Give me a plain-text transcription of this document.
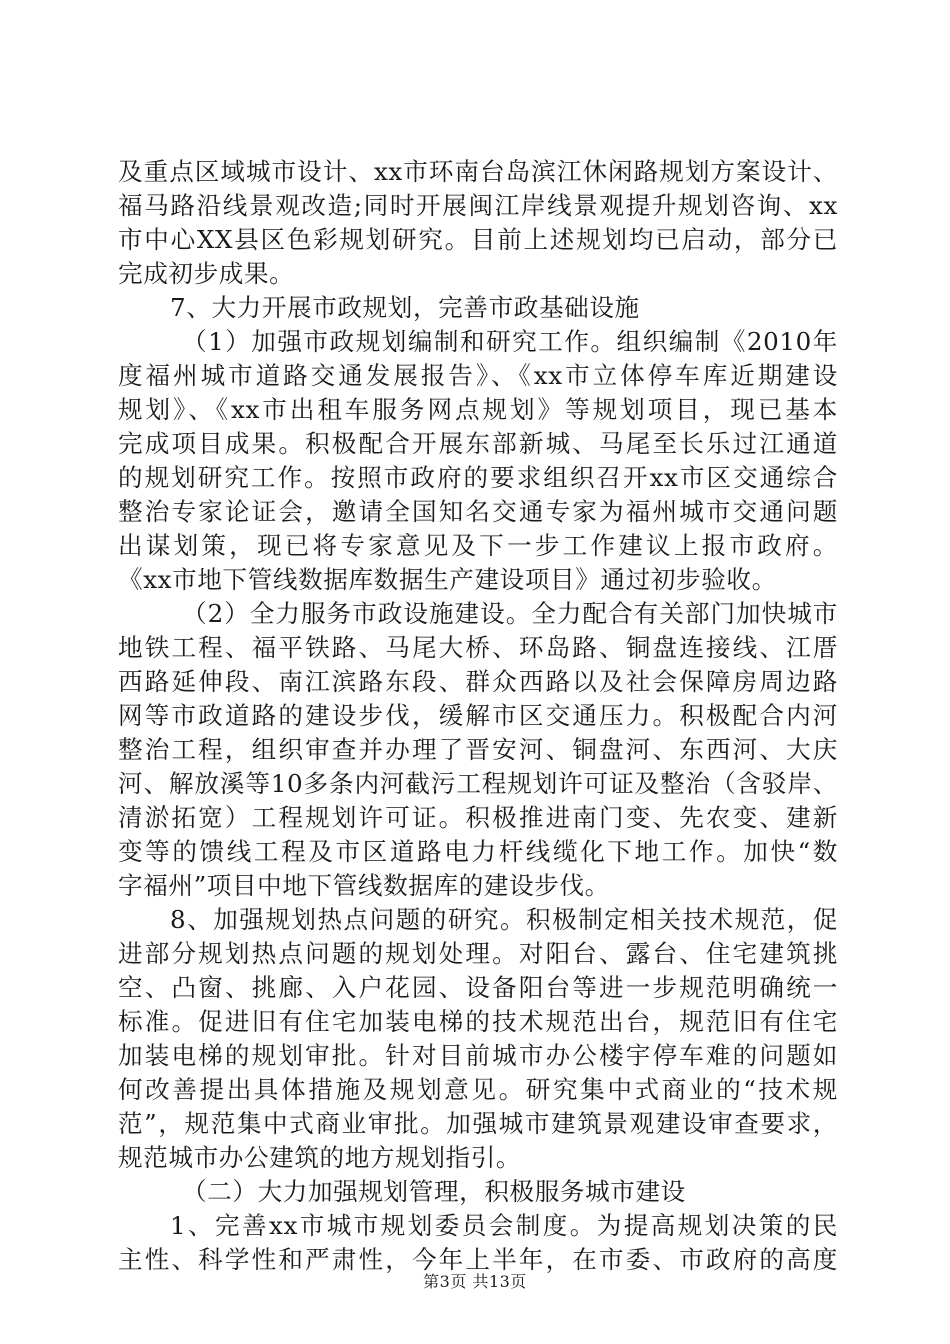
及重点区域城市设计、xx市环南台岛滨江休闲路规划方案设计、
福马路沿线景观改造;同时开展闽江岸线景观提升规划咨询、xx
市中心XX县区色彩规划研究。目前上述规划均已启动，部分已
完成初步成果。
7、大力开展市政规划，完善市政基础设施
（1）加强市政规划编制和研究工作。组织编制《2010年
度福州城市道路交通发展报告》、《xx市立体停车库近期建设
规划》、《xx市出租车服务网点规划》等规划项目，现已基本
完成项目成果。积极配合开展东部新城、马尾至长乐过江通道
的规划研究工作。按照市政府的要求组织召开xx市区交通综合
整治专家论证会，邀请全国知名交通专家为福州城市交通问题
出谋划策，现已将专家意见及下一步工作建议上报市政府。
《xx市地下管线数据库数据生产建设项目》通过初步验收。
（2）全力服务市政设施建设。全力配合有关部门加快城市
地铁工程、福平铁路、马尾大桥、环岛路、铜盘连接线、江厝
西路延伸段、南江滨路东段、群众西路以及社会保障房周边路
网等市政道路的建设步伐，缓解市区交通压力。积极配合内河
整治工程，组织审查并办理了晋安河、铜盘河、东西河、大庆
河、解放溪等10多条内河截污工程规划许可证及整治（含驳岸、
清淤拓宽）工程规划许可证。积极推进南门变、先农变、建新
变等的馈线工程及市区道路电力杆线缆化下地工作。加快“数
字福州”项目中地下管线数据库的建设步伐。
8、加强规划热点问题的研究。积极制定相关技术规范，促
进部分规划热点问题的规划处理。对阳台、露台、住宅建筑挑
空、凸窗、挑廊、入户花园、设备阳台等进一步规范明确统一
标准。促进旧有住宅加装电梯的技术规范出台，规范旧有住宅
加装电梯的规划审批。针对目前城市办公楼宇停车难的问题如
何改善提出具体措施及规划意见。研究集中式商业的“技术规
范”，规范集中式商业审批。加强城市建筑景观建设审查要求，
规范城市办公建筑的地方规划指引。
（二）大力加强规划管理，积极服务城市建设
1、完善xx市城市规划委员会制度。为提高规划决策的民
主性、科学性和严肃性，今年上半年，在市委、市政府的高度
第3页 共13页
